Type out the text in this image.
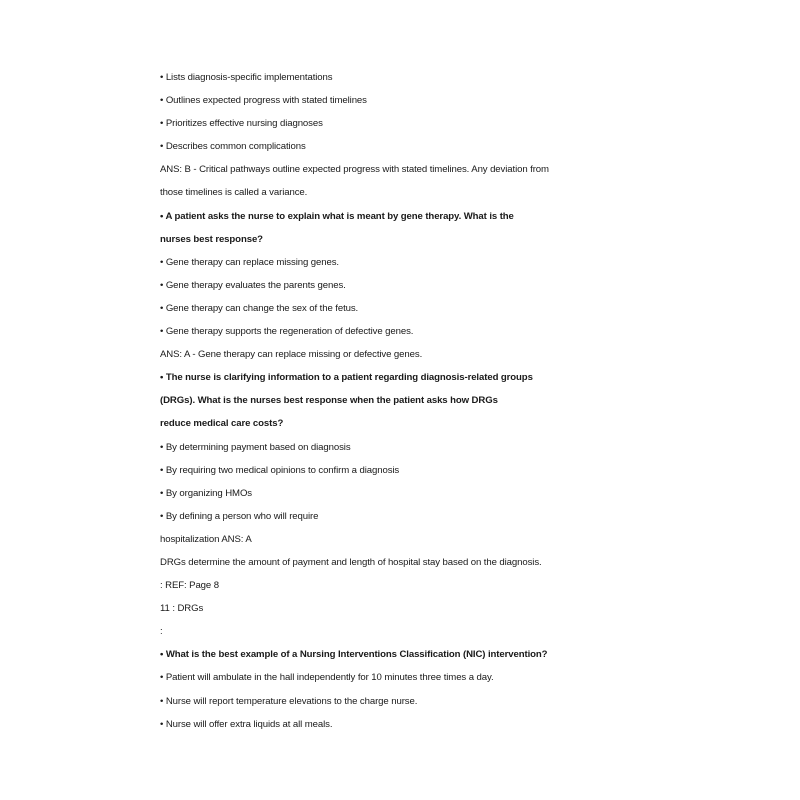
• Lists diagnosis-specific implementations
• Outlines expected progress with stated timelines
• Prioritizes effective nursing diagnoses
• Describes common complications
ANS: B - Critical pathways outline expected progress with stated timelines. Any deviation from
those timelines is called a variance.
• A patient asks the nurse to explain what is meant by gene therapy. What is the
nurses best response?
• Gene therapy can replace missing genes.
• Gene therapy evaluates the parents genes.
• Gene therapy can change the sex of the fetus.
• Gene therapy supports the regeneration of defective genes.
ANS: A - Gene therapy can replace missing or defective genes.
• The nurse is clarifying information to a patient regarding diagnosis-related groups
(DRGs). What is the nurses best response when the patient asks how DRGs
reduce medical care costs?
• By determining payment based on diagnosis
• By requiring two medical opinions to confirm a diagnosis
• By organizing HMOs
• By defining a person who will require
hospitalization ANS: A
DRGs determine the amount of payment and length of hospital stay based on the diagnosis.
: REF: Page 8
11 : DRGs
:
• What is the best example of a Nursing Interventions Classification (NIC) intervention?
• Patient will ambulate in the hall independently for 10 minutes three times a day.
• Nurse will report temperature elevations to the charge nurse.
• Nurse will offer extra liquids at all meals.
